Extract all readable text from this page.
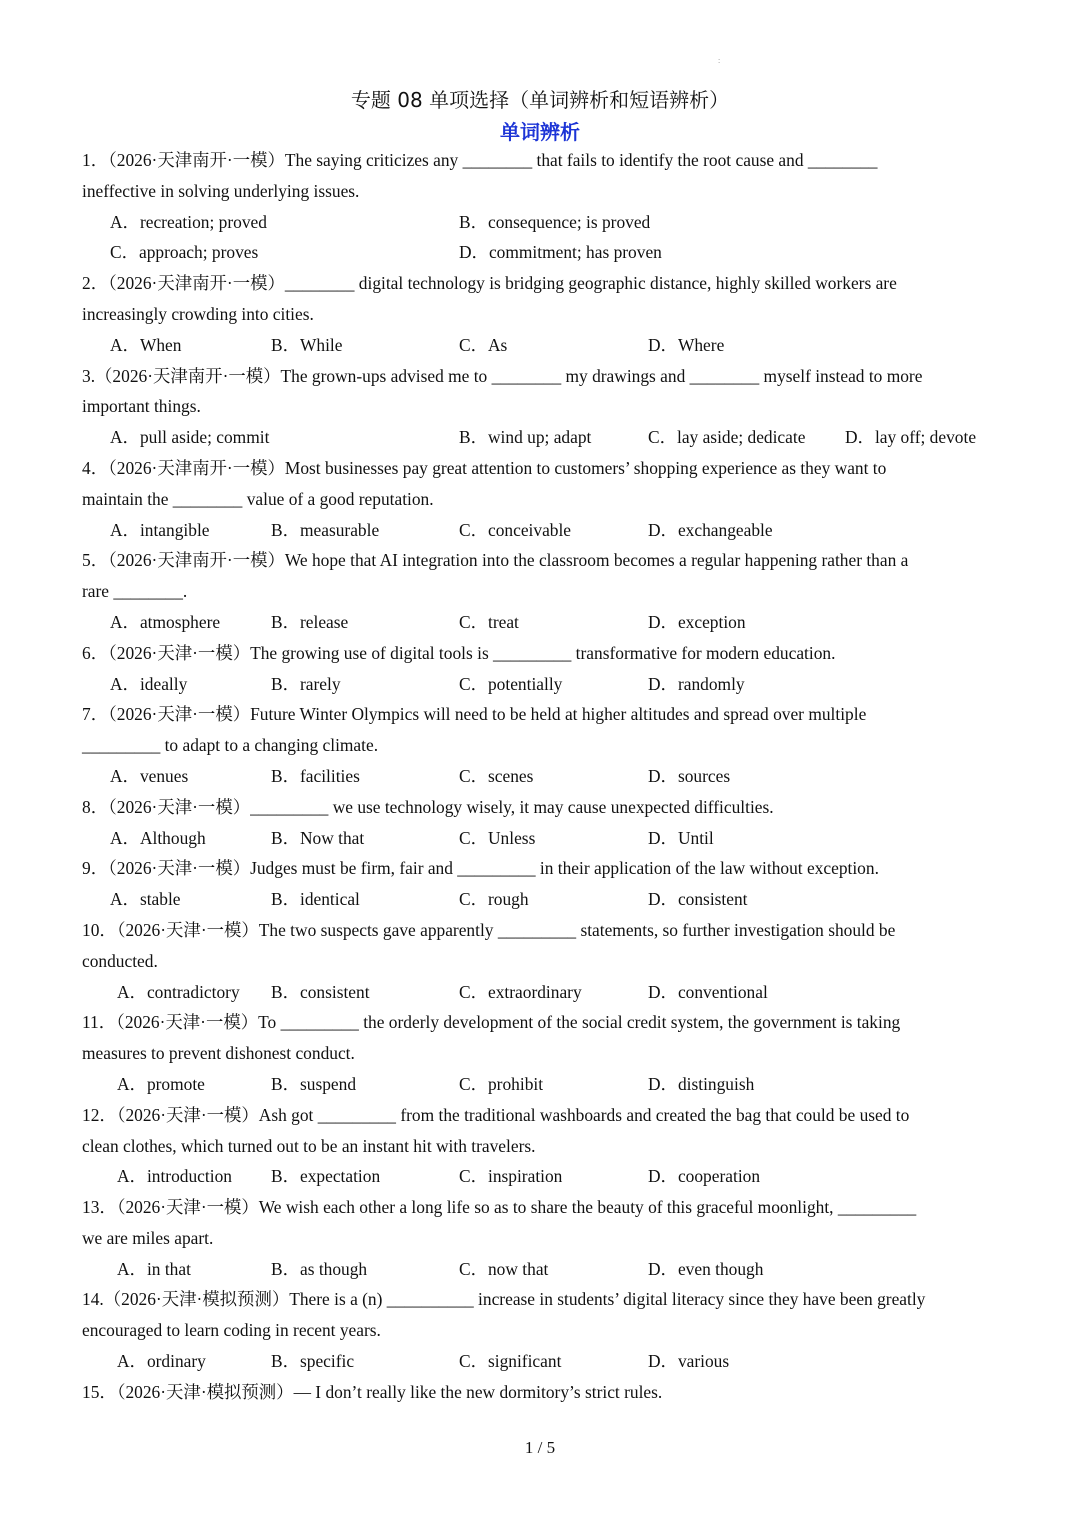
:
专题 08 单项选择（单词辨析和短语辨析）
单词辨析
1．（2026·天津南开·一模）The saying criticizes any ________ that fails to identify the root cause and ________
ineffective in solving underlying issues.
A．recreation; proved	B．consequence; is proved
C．approach; proves	D．commitment; has proven
2．（2026·天津南开·一模）________ digital technology is bridging geographic distance, highly skilled workers are
increasingly crowding into cities.
A．When	B．While	C．As	D．Where
3.（2026·天津南开·一模）The grown-ups advised me to ________ my drawings and ________ myself instead to more
important things.
A．pull aside; commit	B．wind up; adapt	C．lay aside; dedicate D．lay off; devote
4．（2026·天津南开·一模）Most businesses pay great attention to customers’ shopping experience as they want to
maintain the ________ value of a good reputation.
A．intangible	B．measurable	C．conceivable	D．exchangeable
5．（2026·天津南开·一模）We hope that AI integration into the classroom becomes a regular happening rather than a
rare ________.
A．atmosphere	B．release	C．treat	D．exception
6．（2026·天津·一模）The growing use of digital tools is _________ transformative for modern education.
A．ideally	B．rarely	C．potentially	D．randomly
7．（2026·天津·一模）Future Winter Olympics will need to be held at higher altitudes and spread over multiple
_________ to adapt to a changing climate.
A．venues	B．facilities	C．scenes	D．sources
8．（2026·天津·一模）_________ we use technology wisely, it may cause unexpected difficulties.
A．Although	B．Now that	C．Unless	D．Until
9．（2026·天津·一模）Judges must be firm, fair and _________ in their application of the law without exception.
A．stable	B．identical	C．rough	D．consistent
10．（2026·天津·一模）The two suspects gave apparently _________ statements, so further investigation should be
conducted.
A．contradictory B．consistent	C．extraordinary	D．conventional
11．（2026·天津·一模）To _________ the orderly development of the social credit system, the government is taking
measures to prevent dishonest conduct.
A．promote	B．suspend	C．prohibit	D．distinguish
12．（2026·天津·一模）Ash got _________ from the traditional washboards and created the bag that could be used to
clean clothes, which turned out to be an instant hit with travelers.
A．introduction B．expectation	C．inspiration	D．cooperation
13．（2026·天津·一模）We wish each other a long life so as to share the beauty of this graceful moonlight, _________
we are miles apart.
A．in that	B．as though	C．now that	D．even though
14.（2026·天津·模拟预测）There is a (n) __________ increase in students’ digital literacy since they have been greatly
encouraged to learn coding in recent years.
A．ordinary	B．specific	C．significant	D．various
15．（2026·天津·模拟预测）— I don’t really like the new dormitory’s strict rules.
1 / 5
